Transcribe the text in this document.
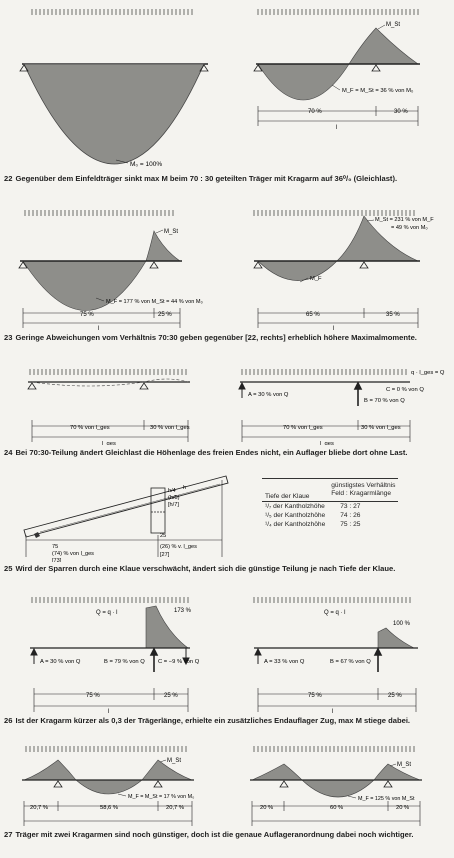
M₀ = 100%
M_St
M_F = M_St = 36 % von M₀
70 %	30 %
l
22 Gegenüber dem Einfeldträger sinkt max M beim 70 : 30 geteilten Träger mit Kragarm auf 36⁰/₀ (Gleichlast).
M_St
M_F = 177 % von M_St = 44 % von M₀
75 %	25 %
l
M_St = 231 % von M_F
= 49 % von M₀
M_F
65 %	35 %
l
23 Geringe Abweichungen vom Verhältnis 70:30 geben gegenüber [22, rechts] erheblich höhere Maximalmomente.
70 % von l_ges	30 % von l_ges
l_ges
q · l_ges = Q
A = 30 % von Q
B = 70 % von Q
C = 0 % von Q
70 % von l_ges	30 % von l_ges
l_ges
24 Bei 70:30-Teilung ändert Gleichlast die Höhenlage des freien Endes nicht, ein Auflager bliebe dort ohne Last.
h/4
(h/5)
[h/7]
h
75
(74) % von l_ges
[73]
25
(26) % v. l_ges
[27]
Tiefe der Klaue	günstigstes Verhältnis
Feld : Kragarmlänge
¹/₇ der Kantholzhöhe	73 : 27
¹/₅ der Kantholzhöhe	74 : 26
¹/₄ der Kantholzhöhe	75 : 25
25 Wird der Sparren durch eine Klaue verschwächt, ändert sich die günstige Teilung je nach Tiefe der Klaue.
Q = q · l	173 %
A = 30 % von Q	B = 79 % von Q C = −9 % von Q
75 %	25 %
l
Q = q · l
100 %
A = 33 % von Q	B = 67 % von Q
75 %	25 %
l
26 Ist der Kragarm kürzer als 0,3 der Trägerlänge, erhielte ein zusätzliches Endauflager Zug, max M stiege dabei.
M_St
M_F = M_St = 17 % von M₀
20,7 %	58,6 %	20,7 %
M_St
M_F = 125 % von M_St
20 %	60 %	20 %
27 Träger mit zwei Kragarmen sind noch günstiger, doch ist die genaue Auflageranordnung dabei noch wichtiger.
